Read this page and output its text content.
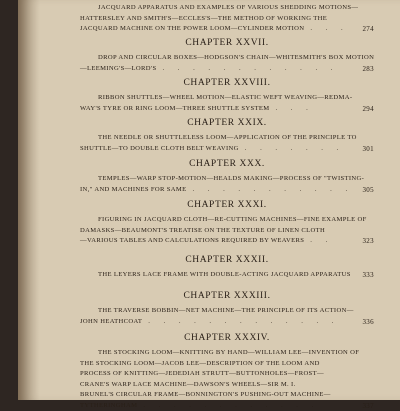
JACQUARD APPARATUS AND EXAMPLES OF VARIOUS SHEDDING MOTIONS—
HATTERSLEY AND SMITH'S—ECCLES'S—THE METHOD OF WORKING THE
JACQUARD MACHINE ON THE POWER LOOM—CYLINDER MOTION . . . 274
CHAPTER XXVII.
DROP AND CIRCULAR BOXES—HODGSON'S CHAIN—WHITESMITH'S BOX MOTION
—LEEMING'S—LORD'S . . . . . . . . . . . .	283
CHAPTER XXVIII.
RIBBON SHUTTLES—WHEEL MOTION—ELASTIC WEFT WEAVING—REDMA-
WAY'S TYRE OR RING LOOM—THREE SHUTTLE SYSTEM . . .	294
CHAPTER XXIX.
THE NEEDLE OR SHUTTLELESS LOOM—APPLICATION OF THE PRINCIPLE TO
SHUTTLE—TO DOUBLE CLOTH BELT WEAVING . . . . . . .	301
CHAPTER XXX.
TEMPLES—WARP STOP-MOTION—HEALDS MAKING—PROCESS OF "TWISTING-
IN," AND MACHINES FOR SAME . . . . . . . . . . . 305
CHAPTER XXXI.
FIGURING IN JACQUARD CLOTH—RE-CUTTING MACHINES—FINE EXAMPLE OF
DAMASKS—BEAUMONT'S TREATISE ON THE TEXTURE OF LINEN CLOTH
—VARIOUS TABLES AND CALCULATIONS REQUIRED BY WEAVERS . .	323
CHAPTER XXXII.
THE LEYERS LACE FRAME WITH DOUBLE-ACTING JACQUARD APPARATUS 333
CHAPTER XXXIII.
THE TRAVERSE BOBBIN—NET MACHINE—THE PRINCIPLE OF ITS ACTION—
JOHN HEATHCOAT . . . . . . . . . . . . .	336
CHAPTER XXXIV.
THE STOCKING LOOM—KNITTING BY HAND—WILLIAM LEE—INVENTION OF
THE STOCKING LOOM—JACOB LEE—DESCRIPTION OF THE LOOM AND
PROCESS OF KNITTING—JEDEDIAH STRUTT—BUTTONHOLES—FROST—
CRANE'S WARP LACE MACHINE—DAWSON'S WHEELS—SIR M. I.
BRUNEL'S CIRCULAR FRAME—BONNINGTON'S PUSHING-OUT MACHINE—
TYTHERINGHAM . . . . . . . . . . . .	337
